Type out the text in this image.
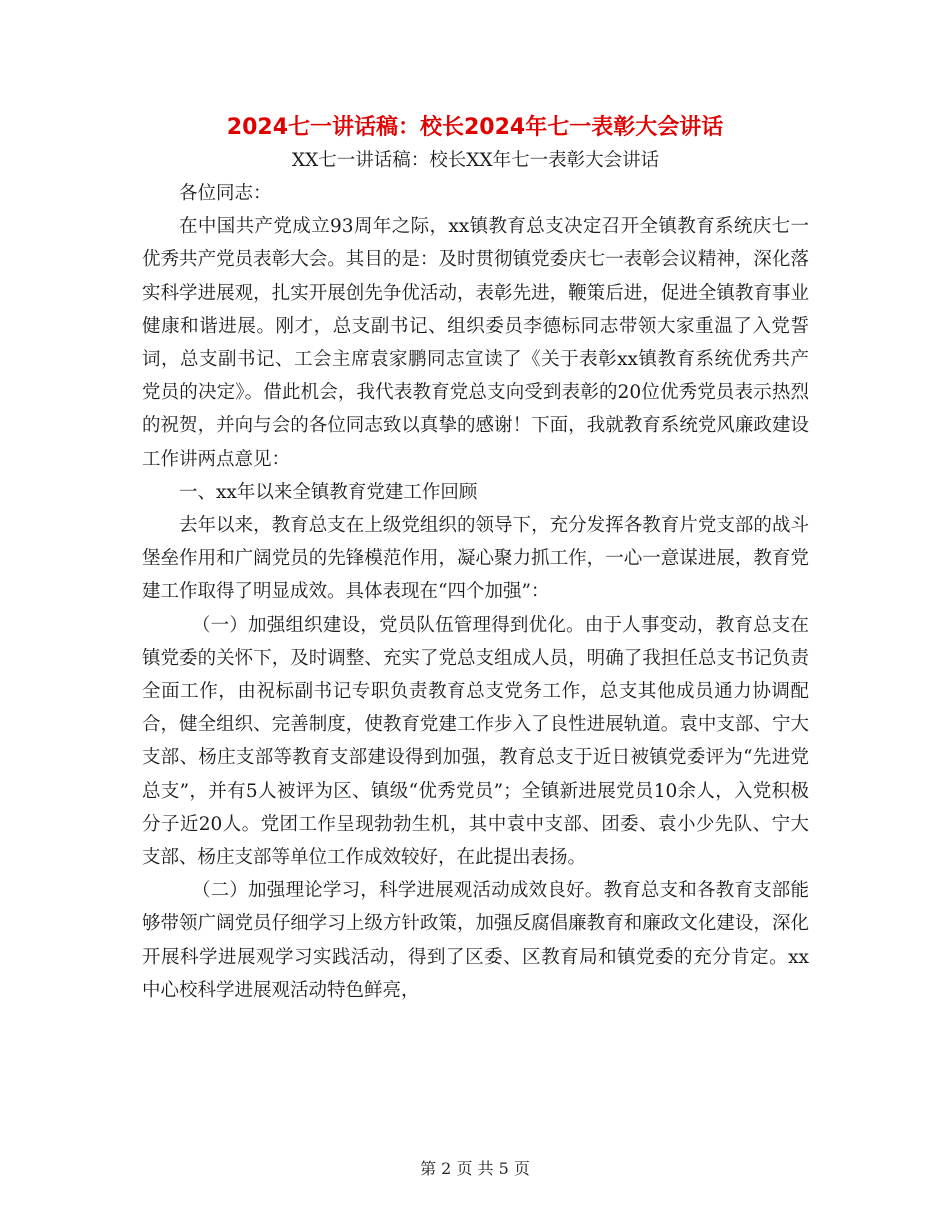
2024七一讲话稿：校长2024年七一表彰大会讲话
XX七一讲话稿：校长XX年七一表彰大会讲话

各位同志：

在中国共产党成立93周年之际，xx镇教育总支决定召开全镇教育系统庆七一优秀共产党员表彰大会。其目的是：及时贯彻镇党委庆七一表彰会议精神，深化落实科学进展观，扎实开展创先争优活动，表彰先进，鞭策后进，促进全镇教育事业健康和谐进展。刚才，总支副书记、组织委员李德标同志带领大家重温了入党誓词，总支副书记、工会主席袁家鹏同志宣读了《关于表彰xx镇教育系统优秀共产党员的决定》。借此机会，我代表教育党总支向受到表彰的20位优秀党员表示热烈的祝贺，并向与会的各位同志致以真挚的感谢！下面，我就教育系统党风廉政建设工作讲两点意见：

一、xx年以来全镇教育党建工作回顾

去年以来，教育总支在上级党组织的领导下，充分发挥各教育片党支部的战斗堡垒作用和广阔党员的先锋模范作用，凝心聚力抓工作，一心一意谋进展，教育党建工作取得了明显成效。具体表现在“四个加强”：

（一）加强组织建设，党员队伍管理得到优化。由于人事变动，教育总支在镇党委的关怀下，及时调整、充实了党总支组成人员，明确了我担任总支书记负责全面工作，由祝标副书记专职负责教育总支党务工作，总支其他成员通力协调配合，健全组织、完善制度，使教育党建工作步入了良性进展轨道。袁中支部、宁大支部、杨庄支部等教育支部建设得到加强，教育总支于近日被镇党委评为“先进党总支”，并有5人被评为区、镇级“优秀党员”；全镇新进展党员10余人，入党积极分子近20人。党团工作呈现勃勃生机，其中袁中支部、团委、袁小少先队、宁大支部、杨庄支部等单位工作成效较好，在此提出表扬。

（二）加强理论学习，科学进展观活动成效良好。教育总支和各教育支部能够带领广阔党员仔细学习上级方针政策，加强反腐倡廉教育和廉政文化建设，深化开展科学进展观学习实践活动，得到了区委、区教育局和镇党委的充分肯定。xx中心校科学进展观活动特色鲜亮，

第 2 页 共 5 页
